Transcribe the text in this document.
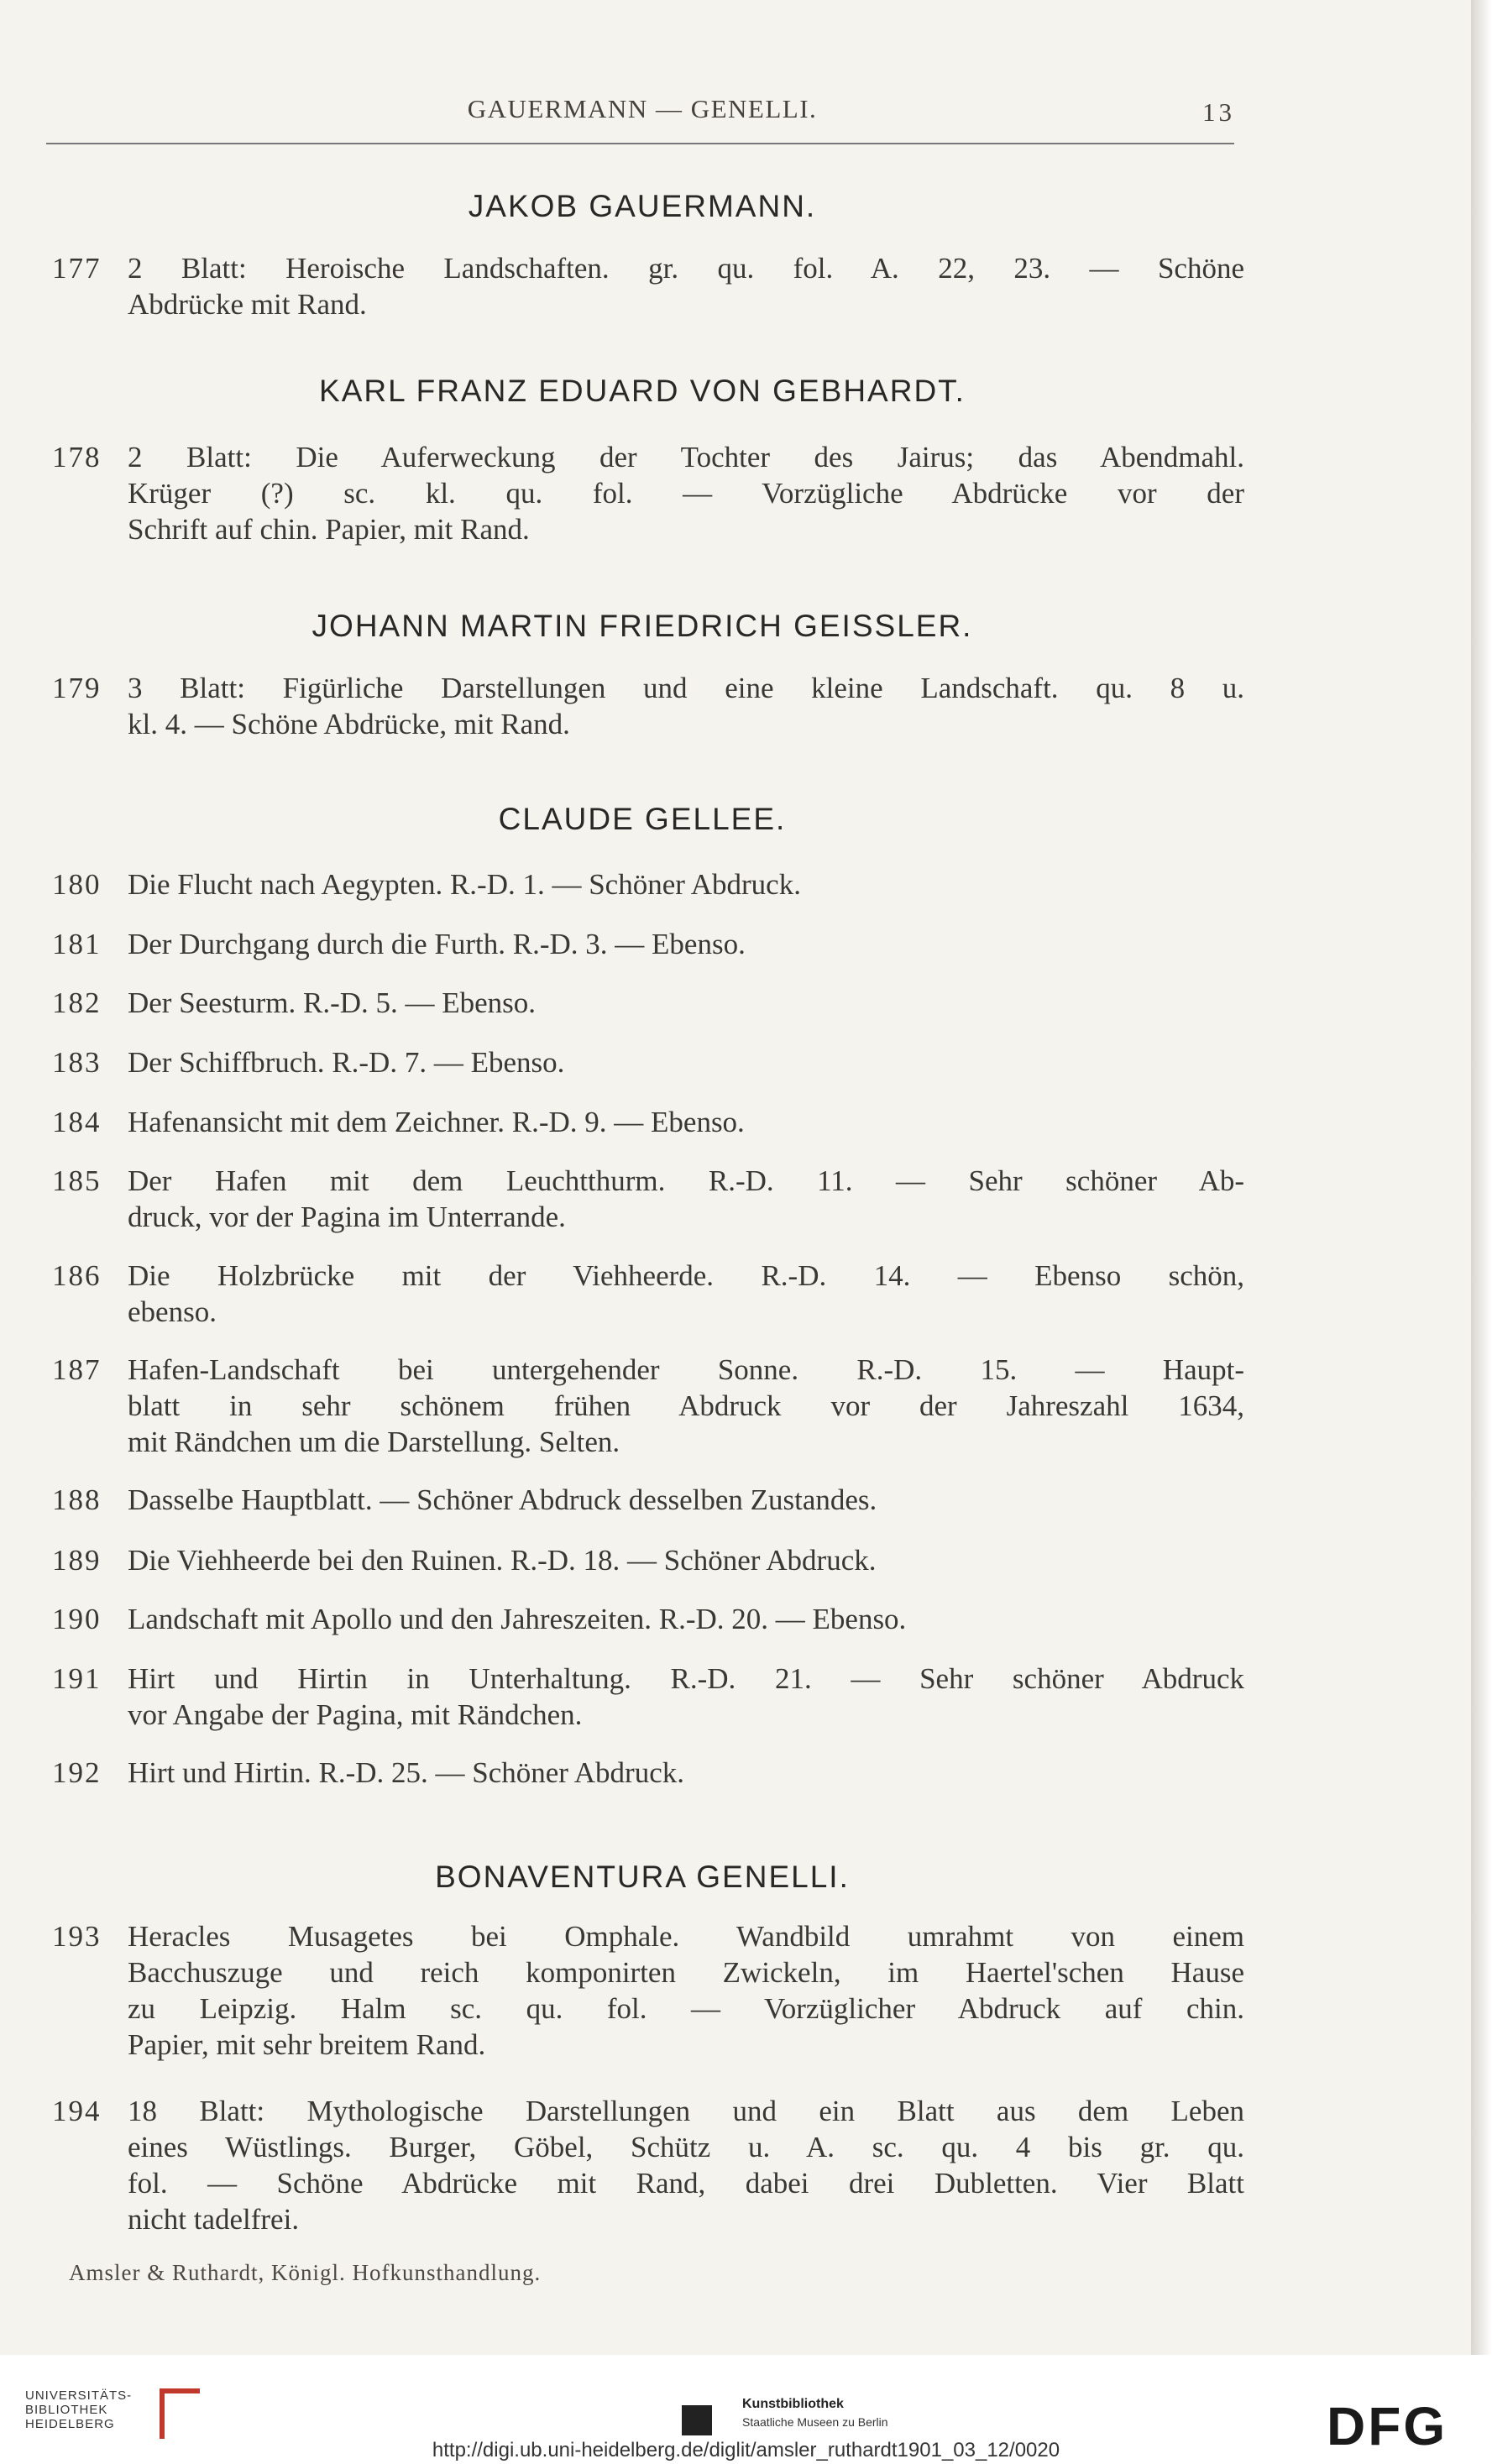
GAUERMANN — GENELLI.	13
JAKOB GAUERMANN.
177 2 Blatt: Heroische Landschaften. gr. qu. fol. A. 22, 23. — Schöne
Abdrücke mit Rand.
KARL FRANZ EDUARD VON GEBHARDT.
178 2 Blatt: Die Auferweckung der Tochter des Jairus; das Abendmahl.
Krüger (?) sc. kl. qu. fol. — Vorzügliche Abdrücke vor der
Schrift auf chin. Papier, mit Rand.
JOHANN MARTIN FRIEDRICH GEISSLER.
179 3 Blatt: Figürliche Darstellungen und eine kleine Landschaft. qu. 8 u.
kl. 4. — Schöne Abdrücke, mit Rand.
CLAUDE GELLEE.
180 Die Flucht nach Aegypten. R.-D. 1. — Schöner Abdruck.
181 Der Durchgang durch die Furth. R.-D. 3. — Ebenso.
182 Der Seesturm. R.-D. 5. — Ebenso.
183 Der Schiffbruch. R.-D. 7. — Ebenso.
184 Hafenansicht mit dem Zeichner. R.-D. 9. — Ebenso.
185 Der Hafen mit dem Leuchtthurm. R.-D. 11. — Sehr schöner Ab-
druck, vor der Pagina im Unterrande.
186 Die Holzbrücke mit der Viehheerde. R.-D. 14. — Ebenso schön,
ebenso.
187 Hafen-Landschaft bei untergehender Sonne. R.-D. 15. — Haupt-
blatt in sehr schönem frühen Abdruck vor der Jahreszahl 1634,
mit Rändchen um die Darstellung. Selten.
188 Dasselbe Hauptblatt. — Schöner Abdruck desselben Zustandes.
189 Die Viehheerde bei den Ruinen. R.-D. 18. — Schöner Abdruck.
190 Landschaft mit Apollo und den Jahreszeiten. R.-D. 20. — Ebenso.
191 Hirt und Hirtin in Unterhaltung. R.-D. 21. — Sehr schöner Abdruck
vor Angabe der Pagina, mit Rändchen.
192 Hirt und Hirtin. R.-D. 25. — Schöner Abdruck.
BONAVENTURA GENELLI.
193 Heracles Musagetes bei Omphale. Wandbild umrahmt von einem
Bacchuszuge und reich komponirten Zwickeln, im Haertel'schen Hause
zu Leipzig. Halm sc. qu. fol. — Vorzüglicher Abdruck auf chin.
Papier, mit sehr breitem Rand.
194 18 Blatt: Mythologische Darstellungen und ein Blatt aus dem Leben
eines Wüstlings. Burger, Göbel, Schütz u. A. sc. qu. 4 bis gr. qu.
fol. — Schöne Abdrücke mit Rand, dabei drei Dubletten. Vier Blatt
nicht tadelfrei.
Amsler & Ruthardt, Königl. Hofkunsthandlung.
UNIVERSITÄTS-
BIBLIOTHEK
HEIDELBERG
Kunstbibliothek
Staatliche Museen zu Berlin	DFG
http://digi.ub.uni-heidelberg.de/diglit/amsler_ruthardt1901_03_12/0020
